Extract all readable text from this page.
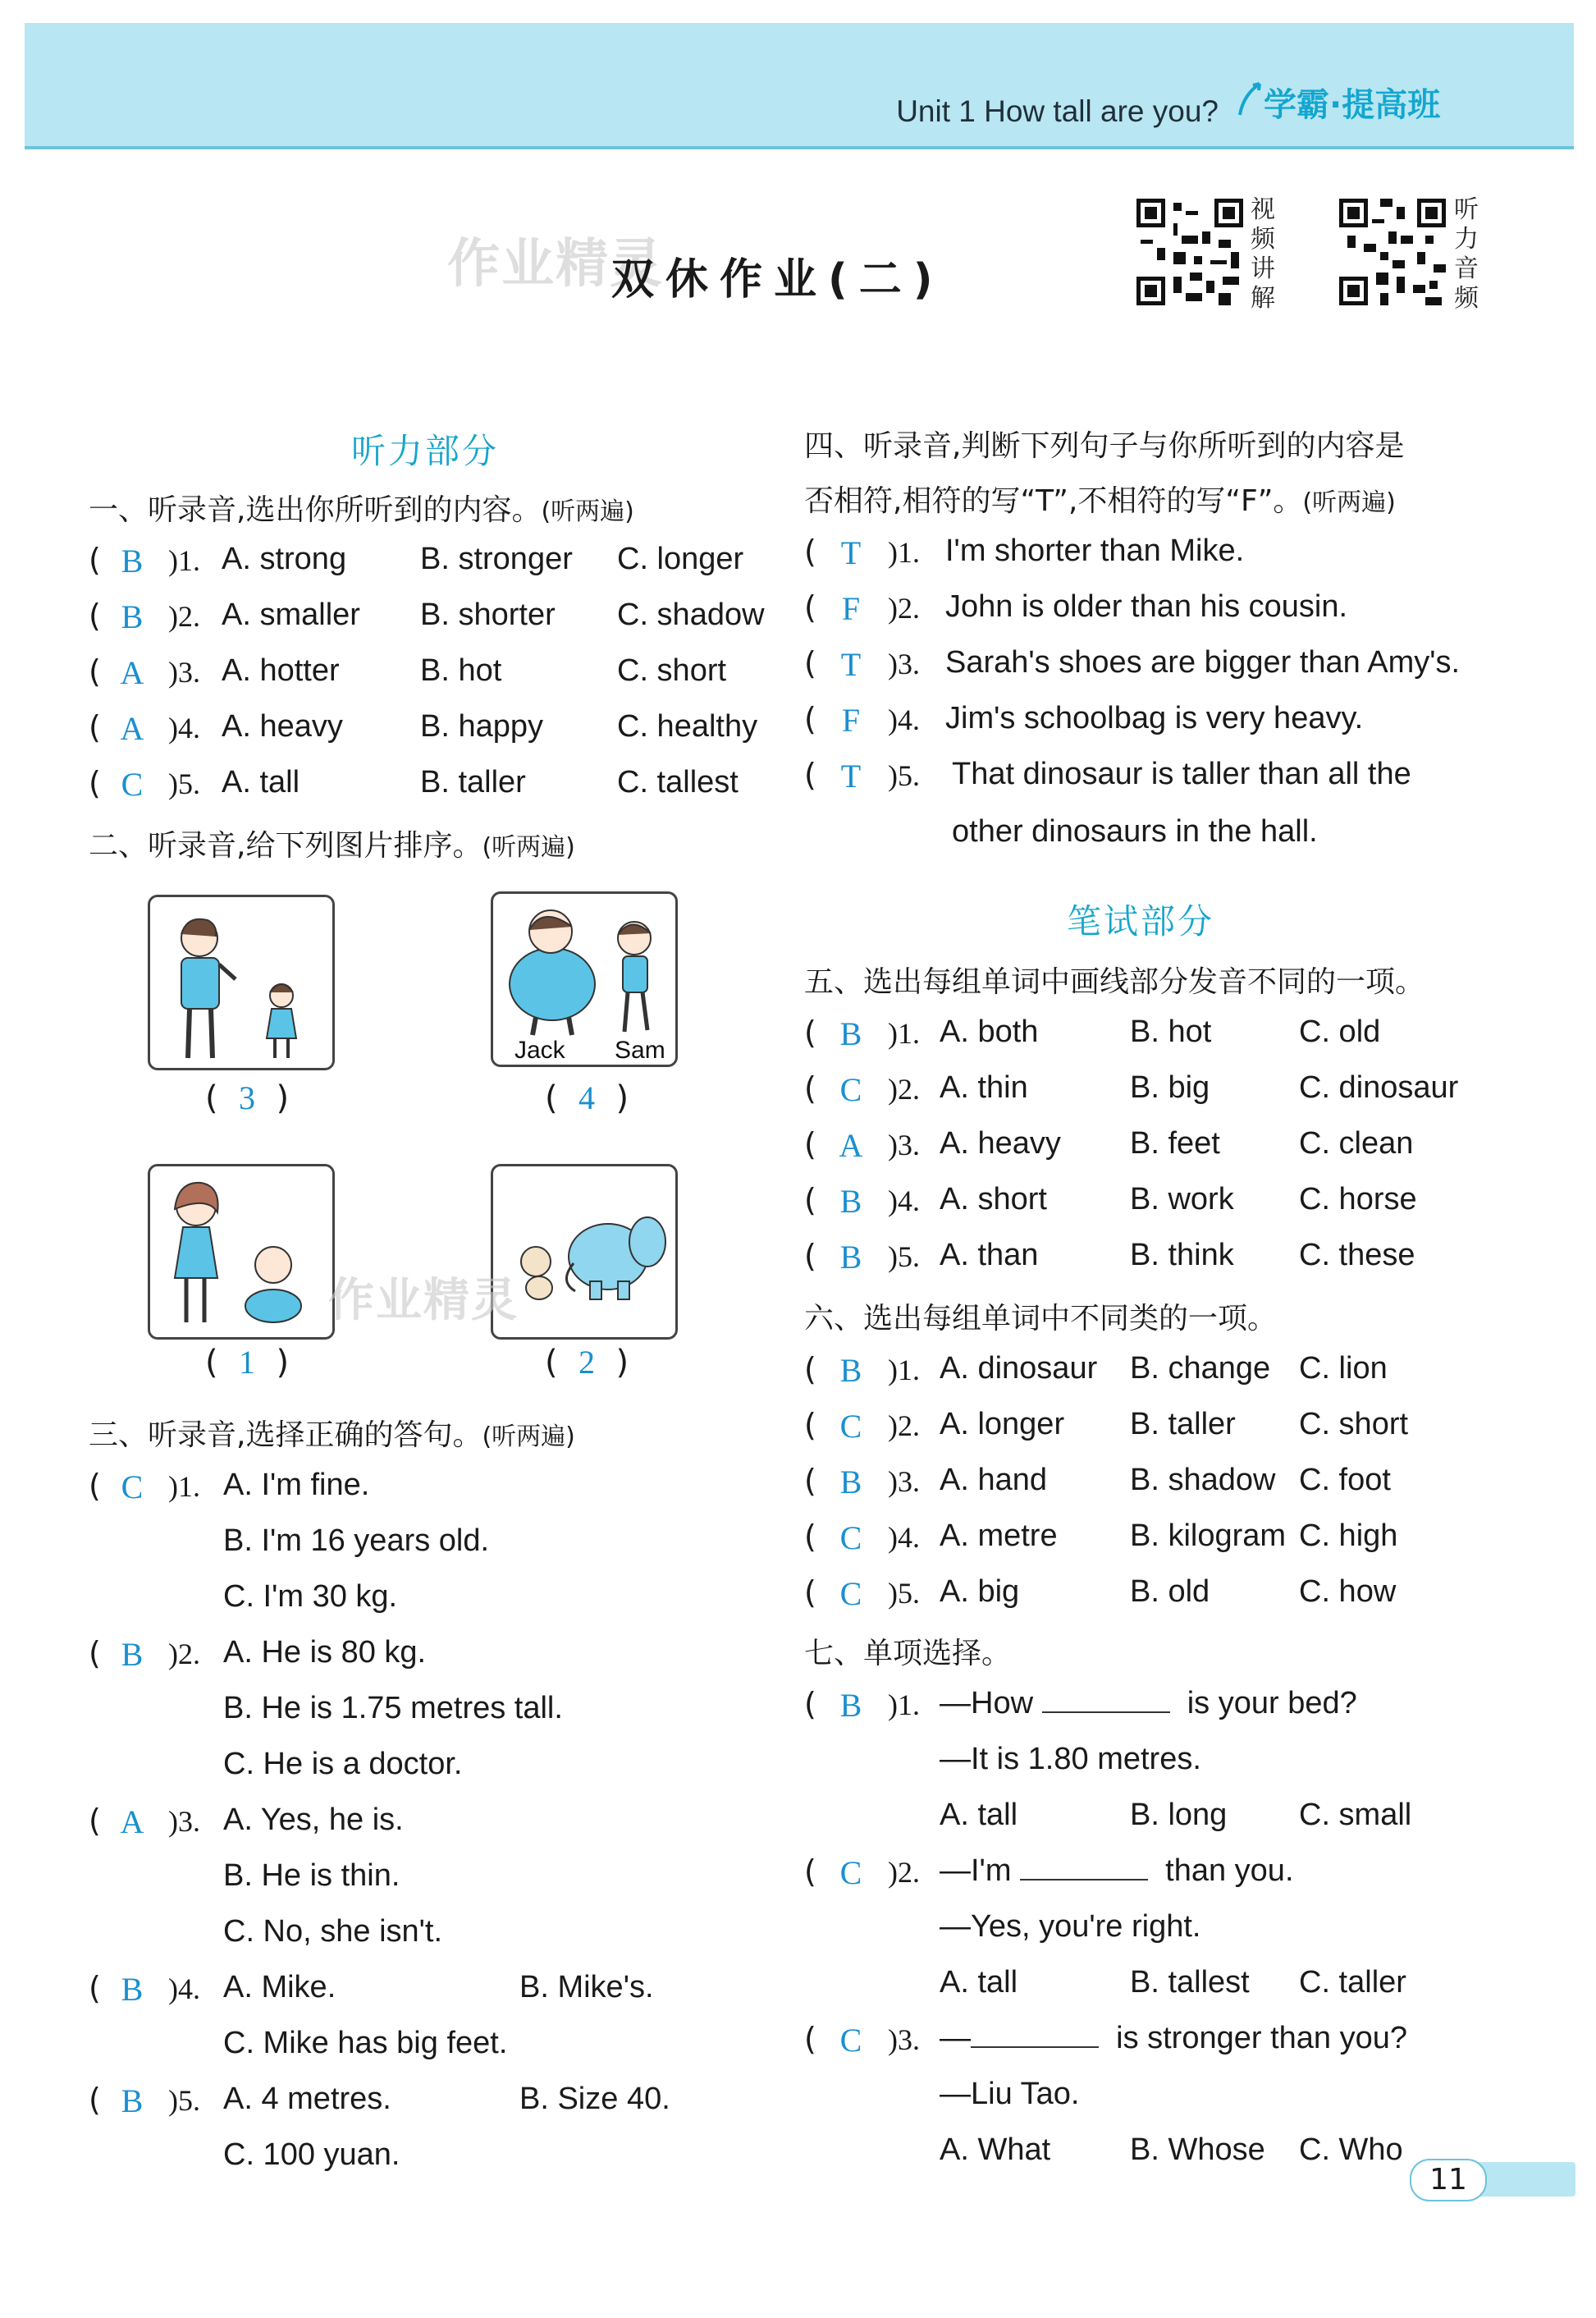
Unit 1 How tall are you? 学霸·提高班
作业精灵
双休作业(二)
视频讲解
听力音频
听力部分
一、听录音,选出你所听到的内容。(听两遍)
( B )1. A. strong B. stronger C. longer
( B )2. A. smaller B. shorter C. shadow
( A )3. A. hotter	B. hot	C. short
( A )4. A. heavy B. happy C. healthy
( C )5. A. tall	B. taller	C. tallest
二、听录音,给下列图片排序。(听两遍)
(  3  )
Jack Sam
(  4  )
(  1  )
作业精灵
(  2  )
三、听录音,选择正确的答句。(听两遍)
( C )1. A. I'm fine.
B. I'm 16 years old.
C. I'm 30 kg.
( B )2. A. He is 80 kg.
B. He is 1.75 metres tall.
C. He is a doctor.
( A )3. A. Yes, he is.
B. He is thin.
C. No, she isn't.
( B )4. A. Mike.	B. Mike's.
C. Mike has big feet.
( B )5. A. 4 metres.	B. Size 40.
C. 100 yuan.
四、听录音,判断下列句子与你所听到的内容是
否相符,相符的写“T”,不相符的写“F”。(听两遍)
( T )1. I'm shorter than Mike.
( F )2. John is older than his cousin.
( T )3. Sarah's shoes are bigger than Amy's.
( F )4. Jim's schoolbag is very heavy.
( T )5. That dinosaur is taller than all the
other dinosaurs in the hall.
笔试部分
五、选出每组单词中画线部分发音不同的一项。
( B )1. A. both	B. hot	C. old
( C )2. A. thin	B. big	C. dinosaur
( A )3. A. heavy B. feet	C. clean
( B )4. A. short	B. work C. horse
( B )5. A. than	B. think C. these
六、选出每组单词中不同类的一项。
( B )1. A. dinosaur B. change C. lion
( C )2. A. longer B. taller C. short
( B )3. A. hand	B. shadow C. foot
( C )4. A. metre B. kilogram C. high
( C )5. A. big	B. old	C. how
七、单项选择。
( B )1. —How	is your bed?
—It is 1.80 metres.
A. tall	B. long C. small
( C )2. —I'm	than you.
—Yes, you're right.
A. tall	B. tallest C. taller
( C )3. —	is stronger than you?
—Liu Tao.
A. What	B. Whose C. Who
11
